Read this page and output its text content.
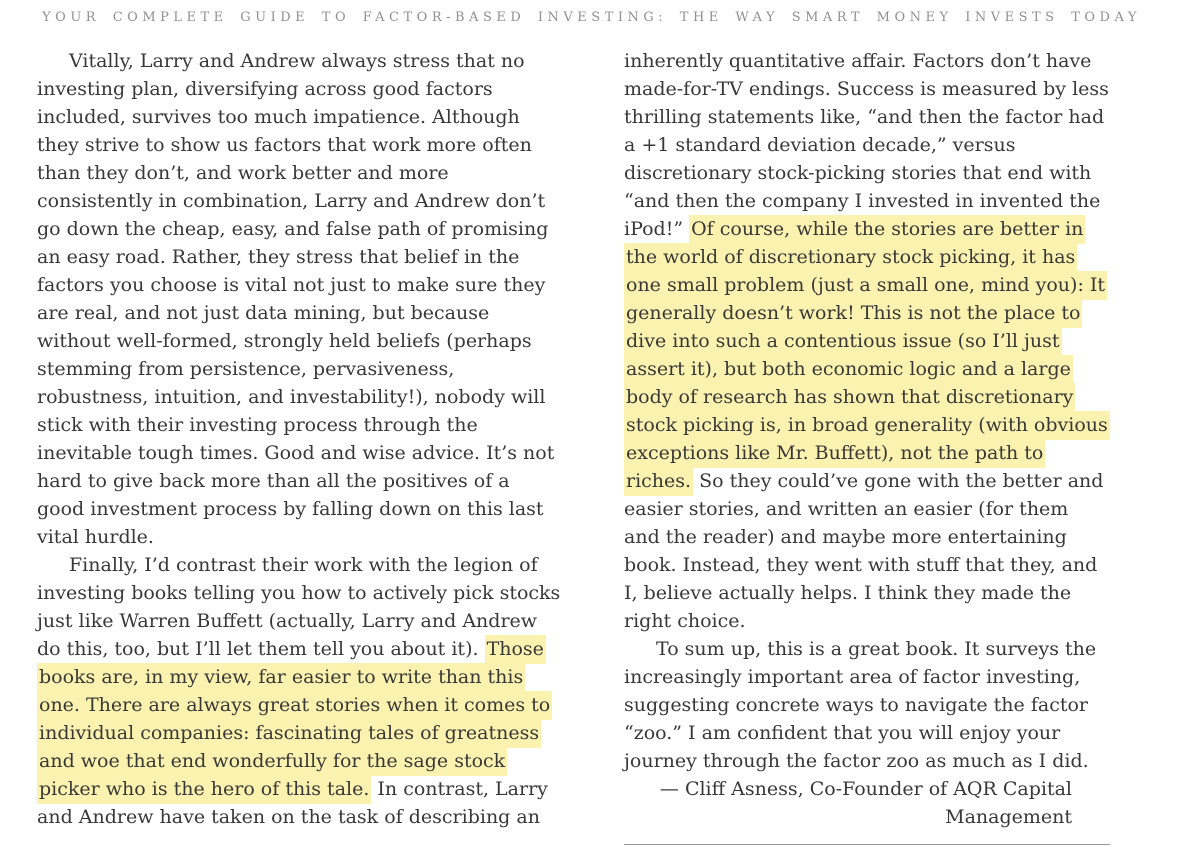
YOUR COMPLETE GUIDE TO FACTOR-BASED INVESTING: THE WAY SMART MONEY INVESTS TODAY

Vitally, Larry and Andrew always stress that no investing plan, diversifying across good factors included, survives too much impatience. Although they strive to show us factors that work more often than they don’t, and work better and more consistently in combination, Larry and Andrew don’t go down the cheap, easy, and false path of promising an easy road. Rather, they stress that belief in the factors you choose is vital not just to make sure they are real, and not just data mining, but because without well-formed, strongly held beliefs (perhaps stemming from persistence, pervasiveness, robustness, intuition, and investability!), nobody will stick with their investing process through the inevitable tough times. Good and wise advice. It’s not hard to give back more than all the positives of a good investment process by falling down on this last vital hurdle.

Finally, I’d contrast their work with the legion of investing books telling you how to actively pick stocks just like Warren Buffett (actually, Larry and Andrew do this, too, but I’ll let them tell you about it). Those books are, in my view, far easier to write than this one. There are always great stories when it comes to individual companies: fascinating tales of greatness and woe that end wonderfully for the sage stock picker who is the hero of this tale. In contrast, Larry and Andrew have taken on the task of describing an

inherently quantitative affair. Factors don’t have made-for-TV endings. Success is measured by less thrilling statements like, “and then the factor had a +1 standard deviation decade,” versus discretionary stock-picking stories that end with “and then the company I invested in invented the iPod!” Of course, while the stories are better in the world of discretionary stock picking, it has one small problem (just a small one, mind you): It generally doesn’t work! This is not the place to dive into such a contentious issue (so I’ll just assert it), but both economic logic and a large body of research has shown that discretionary stock picking is, in broad generality (with obvious exceptions like Mr. Buffett), not the path to riches. So they could’ve gone with the better and easier stories, and written an easier (for them and the reader) and maybe more entertaining book. Instead, they went with stuff that they, and I, believe actually helps. I think they made the right choice.

To sum up, this is a great book. It surveys the increasingly important area of factor investing, suggesting concrete ways to navigate the factor “zoo.” I am confident that you will enjoy your journey through the factor zoo as much as I did.

— Cliff Asness, Co-Founder of AQR Capital Management
